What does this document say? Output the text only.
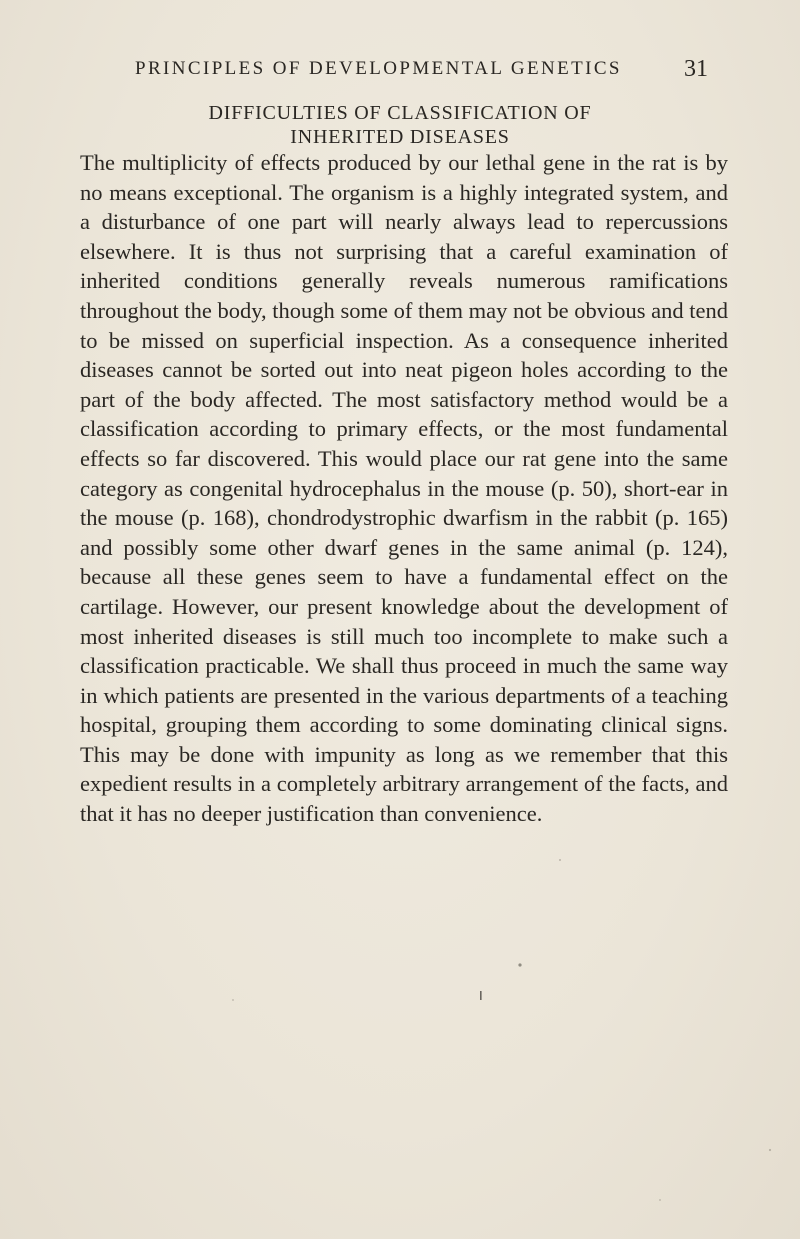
PRINCIPLES OF DEVELOPMENTAL GENETICS	31
DIFFICULTIES OF CLASSIFICATION OF
INHERITED DISEASES

The multiplicity of effects produced by our lethal gene in the rat is by no means exceptional. The organism is a highly integrated system, and a disturbance of one part will nearly always lead to repercussions elsewhere. It is thus not surprising that a careful examination of inherited conditions generally reveals numerous ramifications throughout the body, though some of them may not be obvious and tend to be missed on superficial inspection. As a consequence inherited diseases cannot be sorted out into neat pigeon holes according to the part of the body affected. The most satisfactory method would be a classification according to primary effects, or the most fundamental effects so far discovered. This would place our rat gene into the same category as congenital hydrocephalus in the mouse (p. 50), short-ear in the mouse (p. 168), chondrodystrophic dwarfism in the rabbit (p. 165) and possibly some other dwarf genes in the same animal (p. 124), because all these genes seem to have a fundamental effect on the cartilage. However, our present knowledge about the development of most inherited diseases is still much too incomplete to make such a classification practicable. We shall thus proceed in much the same way in which patients are presented in the various departments of a teaching hospital, grouping them according to some dominating clinical signs. This may be done with impunity as long as we remember that this expedient results in a completely arbitrary arrangement of the facts, and that it has no deeper justification than convenience.
